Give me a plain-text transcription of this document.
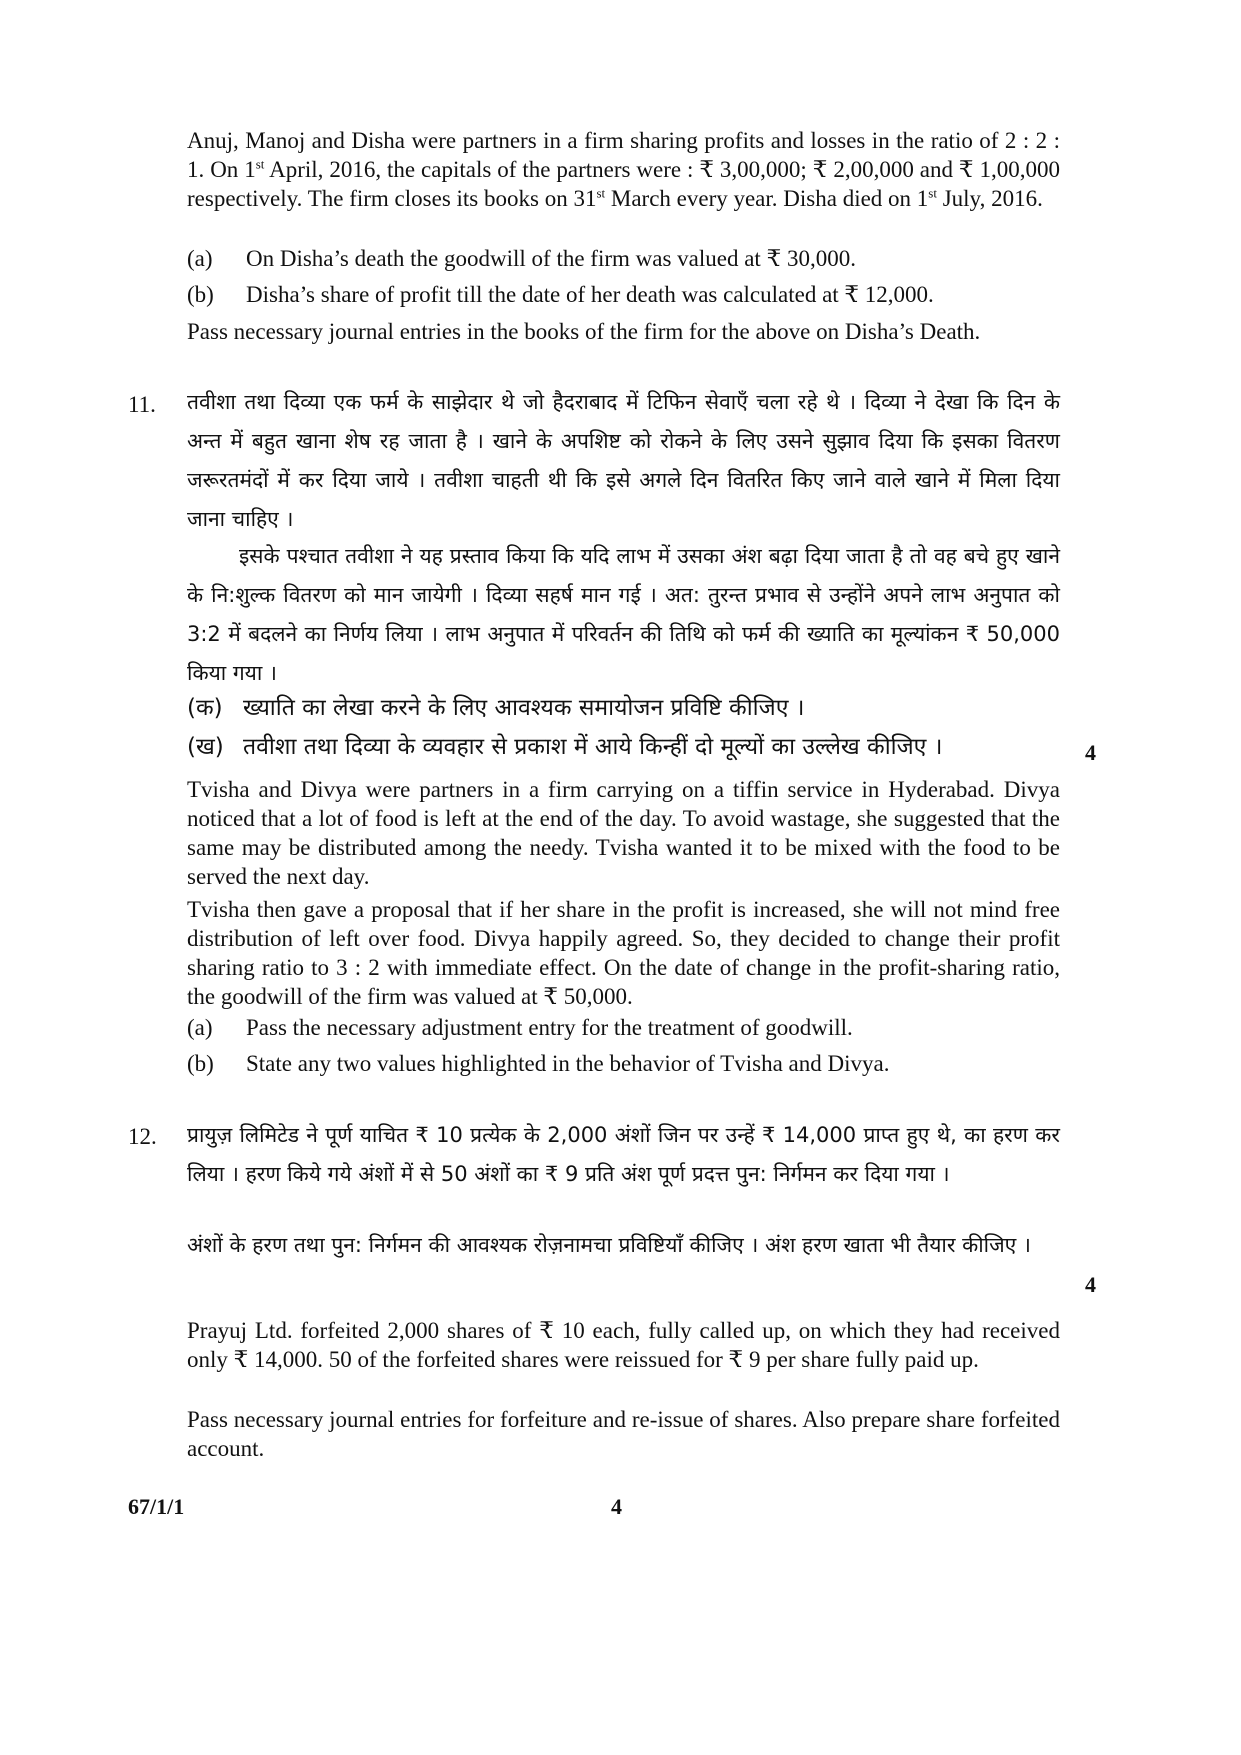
Anuj, Manoj and Disha were partners in a firm sharing profits and losses in the ratio of 2 : 2 : 1. On 1st April, 2016, the capitals of the partners were : ₹ 3,00,000; ₹ 2,00,000 and ₹ 1,00,000 respectively. The firm closes its books on 31st March every year. Disha died on 1st July, 2016.

(a) On Disha’s death the goodwill of the firm was valued at ₹ 30,000.
(b) Disha’s share of profit till the date of her death was calculated at ₹ 12,000.

Pass necessary journal entries in the books of the firm for the above on Disha’s Death.

11. तवीशा तथा दिव्या एक फर्म के साझेदार थे जो हैदराबाद में टिफिन सेवाएँ चला रहे थे । दिव्या ने देखा कि दिन के अन्त में बहुत खाना शेष रह जाता है । खाने के अपशिष्ट को रोकने के लिए उसने सुझाव दिया कि इसका वितरण जरूरतमंदों में कर दिया जाये । तवीशा चाहती थी कि इसे अगले दिन वितरित किए जाने वाले खाने में मिला दिया जाना चाहिए ।

इसके पश्चात तवीशा ने यह प्रस्ताव किया कि यदि लाभ में उसका अंश बढ़ा दिया जाता है तो वह बचे हुए खाने के नि:शुल्क वितरण को मान जायेगी । दिव्या सहर्ष मान गई । अत: तुरन्त प्रभाव से उन्होंने अपने लाभ अनुपात को 3:2 में बदलने का निर्णय लिया । लाभ अनुपात में परिवर्तन की तिथि को फर्म की ख्याति का मूल्यांकन ₹ 50,000 किया गया ।

(क) ख्याति का लेखा करने के लिए आवश्यक समायोजन प्रविष्टि कीजिए ।
(ख) तवीशा तथा दिव्या के व्यवहार से प्रकाश में आये किन्हीं दो मूल्यों का उल्लेख कीजिए ।	4

Tvisha and Divya were partners in a firm carrying on a tiffin service in Hyderabad. Divya noticed that a lot of food is left at the end of the day. To avoid wastage, she suggested that the same may be distributed among the needy. Tvisha wanted it to be mixed with the food to be served the next day.

Tvisha then gave a proposal that if her share in the profit is increased, she will not mind free distribution of left over food. Divya happily agreed. So, they decided to change their profit sharing ratio to 3 : 2 with immediate effect. On the date of change in the profit-sharing ratio, the goodwill of the firm was valued at ₹ 50,000.

(a) Pass the necessary adjustment entry for the treatment of goodwill.
(b) State any two values highlighted in the behavior of Tvisha and Divya.
12. प्रायुज़ लिमिटेड ने पूर्ण याचित ₹ 10 प्रत्येक के 2,000 अंशों जिन पर उन्हें ₹ 14,000 प्राप्त हुए थे, का हरण कर लिया । हरण किये गये अंशों में से 50 अंशों का ₹ 9 प्रति अंश पूर्ण प्रदत्त पुन: निर्गमन कर दिया गया ।

अंशों के हरण तथा पुन: निर्गमन की आवश्यक रोज़नामचा प्रविष्टियाँ कीजिए । अंश हरण खाता भी तैयार कीजिए ।

4

Prayuj Ltd. forfeited 2,000 shares of ₹ 10 each, fully called up, on which they had received only ₹ 14,000. 50 of the forfeited shares were reissued for ₹ 9 per share fully paid up.

Pass necessary journal entries for forfeiture and re-issue of shares. Also prepare share forfeited account.

67/1/1	4
